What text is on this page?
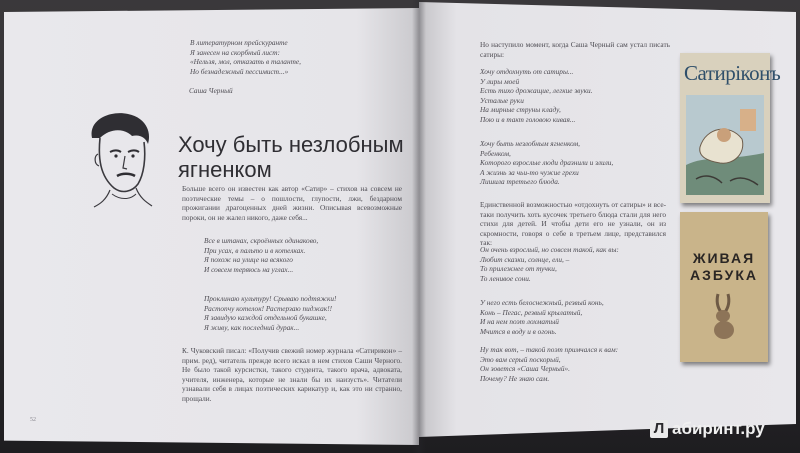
В литературном прейскуранте
Я занесен на скорбный лист:
«Нельзя, мол, отказать в таланте,
Но безнадежный пессимист...»
Саша Черный
Хочу быть незлобным
ягненком
Больше всего он известен как автор «Сатир» – стихов на совсем не поэтические темы – о пошлости, глупости, лжи, бездарном прожигании драгоценных дней жизни. Описывая всевозможные пороки, он не жалел никого, даже себя...
Все в штанах, скроённых одинаково,
При усах, в пальто и в котелках.
Я похож на улице на всякого
И совсем теряюсь на углах...
Проклинаю культуру! Срываю подтяжки!
Растопчу котелок! Растерзаю пиджак!!
Я завидую каждой отдельной букашке,
Я живу, как последний дурак...
К. Чуковский писал: «Получив свежий номер журнала «Сатирикон» – прим. ред), читатель прежде всего искал в нем стихов Саши Черного. Не было такой курсистки, такого студента, такого врача, адвоката, учителя, инженера, которые не знали бы их наизусть». Читатели узнавали себя в лицах поэтических карикатур и, как это ни странно, прощали.
52
Но наступило момент, когда Саша Черный сам устал писать сатиры:
Хочу отдохнуть от сатиры...
У лиры моей
Есть тихо дрожащие, легкие звуки.
Усталые руки
На мирные струны кладу,
Пою и в такт головою кивая...
Хочу быть незлобным ягненком,
Ребенком,
Которого взрослые люди дразнили и злили,
А жизнь за чьи-то чужие грехи
Лишила третьего блюда.
Единственной возможностью «отдохнуть от сатиры» и все-таки получить хоть кусочек третьего блюда стали для него стихи для детей. И чтобы дети его не узнали, он из скромности, говоря о себе в третьем лице, представился так:
Он очень взрослый, но совсем такой, как вы:
Любит сказки, солнце, ели, –
То прилежнее от тучки,
То ленивое сони.
У него есть белоснежный, резвый конь,
Конь – Пегас, резвый крылатый,
И на нем поэт лохматый
Мчится в воду и в огонь.
Ну так вот, – такой поэт примчался к вам:
Это вам серый поскорый,
Он зовется «Саша Черный».
Почему? Не знаю сам.
Сатиріконъ
ЖИВАЯ
АЗБУКА
Л абиринт.ру
